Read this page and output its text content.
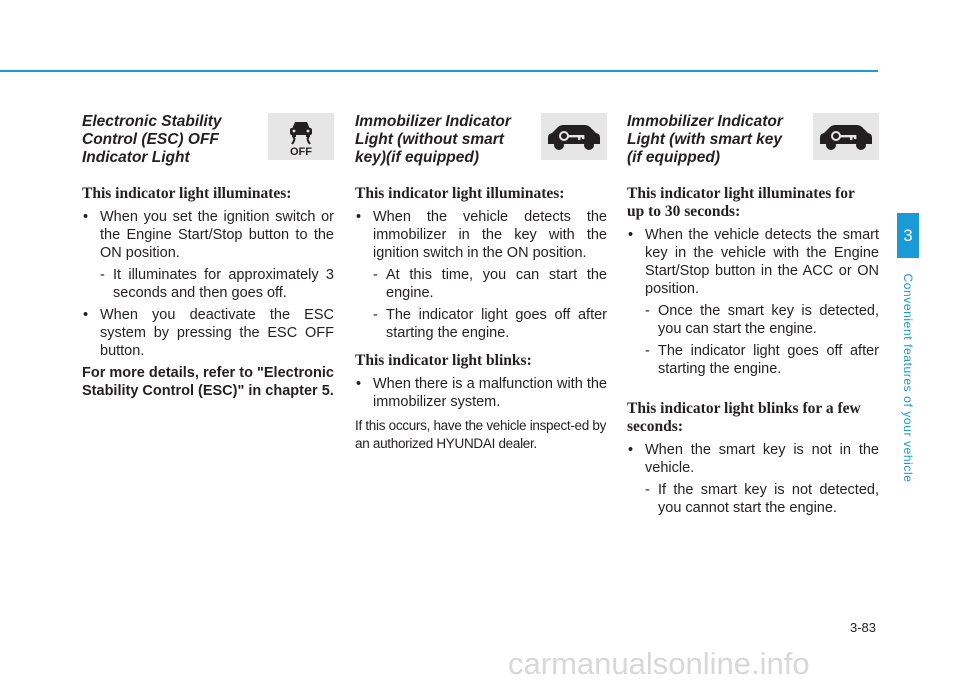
Electronic Stability
Control (ESC) OFF
Indicator Light	OFF
This indicator light illuminates:
• When you set the ignition switch or the Engine Start/Stop button to the ON position.
- It illuminates for approximately 3 seconds and then goes off.
• When you deactivate the ESC system by pressing the ESC OFF button.

For more details, refer to "Electronic Stability Control (ESC)" in chapter 5.

Immobilizer Indicator
Light (without smart
key)(if equipped)
This indicator light illuminates:
• When the vehicle detects the immobilizer in the key with the ignition switch in the ON position.
- At this time, you can start the engine.
- The indicator light goes off after starting the engine.
This indicator light blinks:
• When there is a malfunction with the immobilizer system.

If this occurs, have the vehicle inspect-ed by an authorized HYUNDAI dealer.

Immobilizer Indicator
Light (with smart key
(if equipped)
This indicator light illuminates for up to 30 seconds:
• When the vehicle detects the smart key in the vehicle with the Engine Start/Stop button in the ACC or ON position.
- Once the smart key is detected, you can start the engine.
- The indicator light goes off after starting the engine.
This indicator light blinks for a few seconds:
• When the smart key is not in the vehicle.
- If the smart key is not detected, you cannot start the engine.
3
Convenient features of your vehicle
3-83
carmanualsonline.info
